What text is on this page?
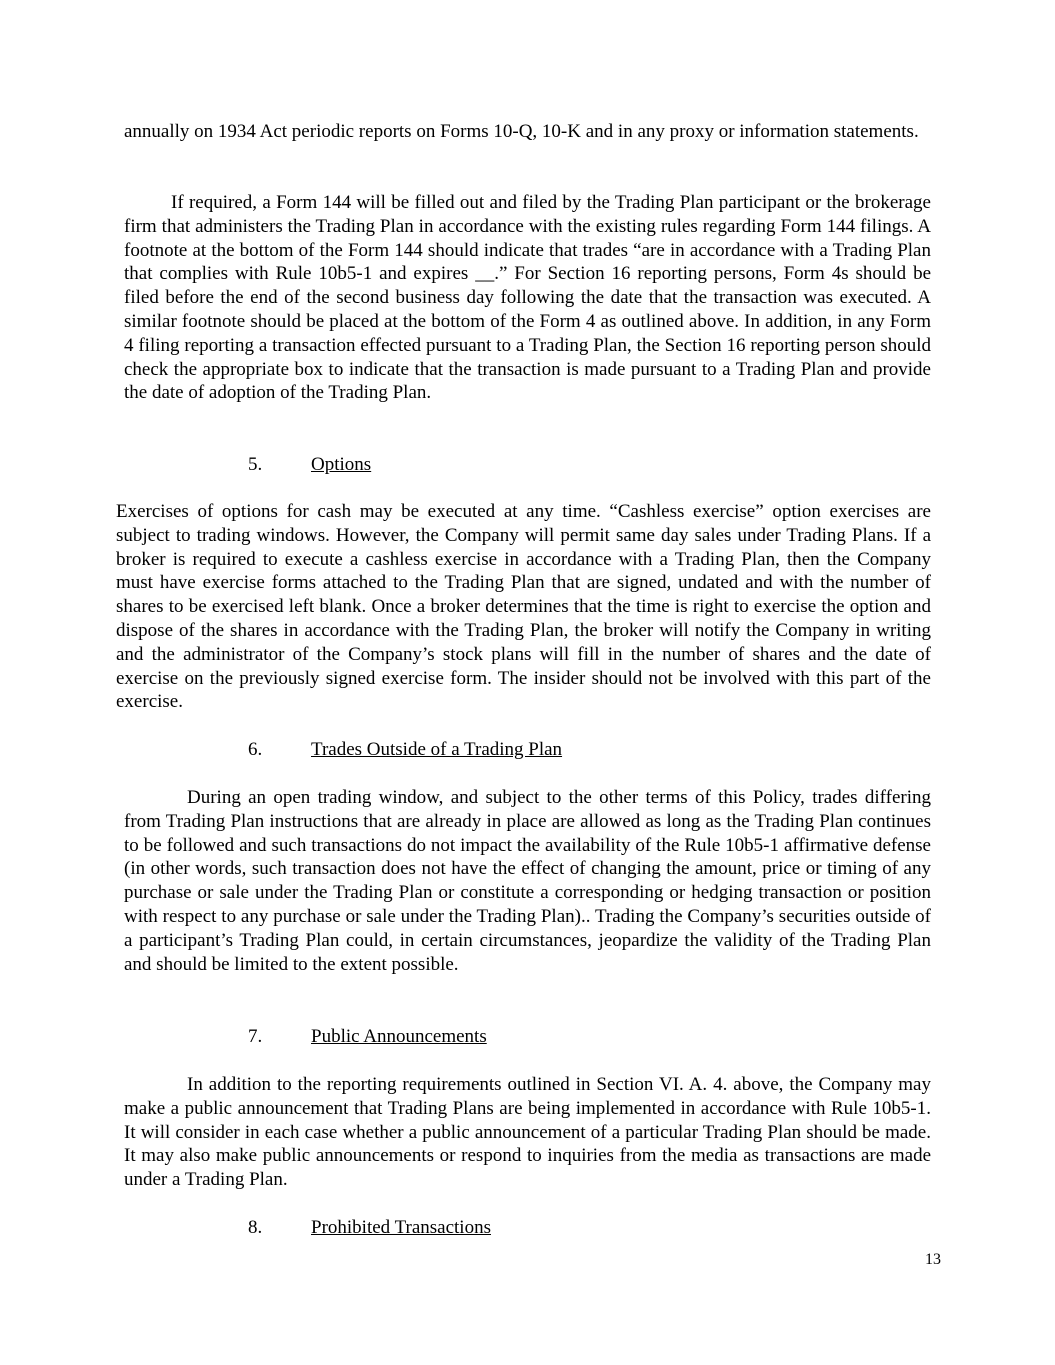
annually on 1934 Act periodic reports on Forms 10-Q, 10-K and in any proxy or information statements.

If required, a Form 144 will be filled out and filed by the Trading Plan participant or the brokerage firm that administers the Trading Plan in accordance with the existing rules regarding Form 144 filings. A footnote at the bottom of the Form 144 should indicate that trades “are in accordance with a Trading Plan that complies with Rule 10b5-1 and expires __.” For Section 16 reporting persons, Form 4s should be filed before the end of the second business day following the date that the transaction was executed. A similar footnote should be placed at the bottom of the Form 4 as outlined above. In addition, in any Form 4 filing reporting a transaction effected pursuant to a Trading Plan, the Section 16 reporting person should check the appropriate box to indicate that the transaction is made pursuant to a Trading Plan and provide the date of adoption of the Trading Plan.

5.	Options

Exercises of options for cash may be executed at any time. “Cashless exercise” option exercises are subject to trading windows. However, the Company will permit same day sales under Trading Plans. If a broker is required to execute a cashless exercise in accordance with a Trading Plan, then the Company must have exercise forms attached to the Trading Plan that are signed, undated and with the number of shares to be exercised left blank. Once a broker determines that the time is right to exercise the option and dispose of the shares in accordance with the Trading Plan, the broker will notify the Company in writing and the administrator of the Company’s stock plans will fill in the number of shares and the date of exercise on the previously signed exercise form. The insider should not be involved with this part of the exercise.

6.	Trades Outside of a Trading Plan

During an open trading window, and subject to the other terms of this Policy, trades differing from Trading Plan instructions that are already in place are allowed as long as the Trading Plan continues to be followed and such transactions do not impact the availability of the Rule 10b5-1 affirmative defense (in other words, such transaction does not have the effect of changing the amount, price or timing of any purchase or sale under the Trading Plan or constitute a corresponding or hedging transaction or position with respect to any purchase or sale under the Trading Plan).. Trading the Company’s securities outside of a participant’s Trading Plan could, in certain circumstances, jeopardize the validity of the Trading Plan and should be limited to the extent possible.

7.	Public Announcements

In addition to the reporting requirements outlined in Section VI. A. 4. above, the Company may make a public announcement that Trading Plans are being implemented in accordance with Rule 10b5-1. It will consider in each case whether a public announcement of a particular Trading Plan should be made. It may also make public announcements or respond to inquiries from the media as transactions are made under a Trading Plan.

8.	Prohibited Transactions
13
